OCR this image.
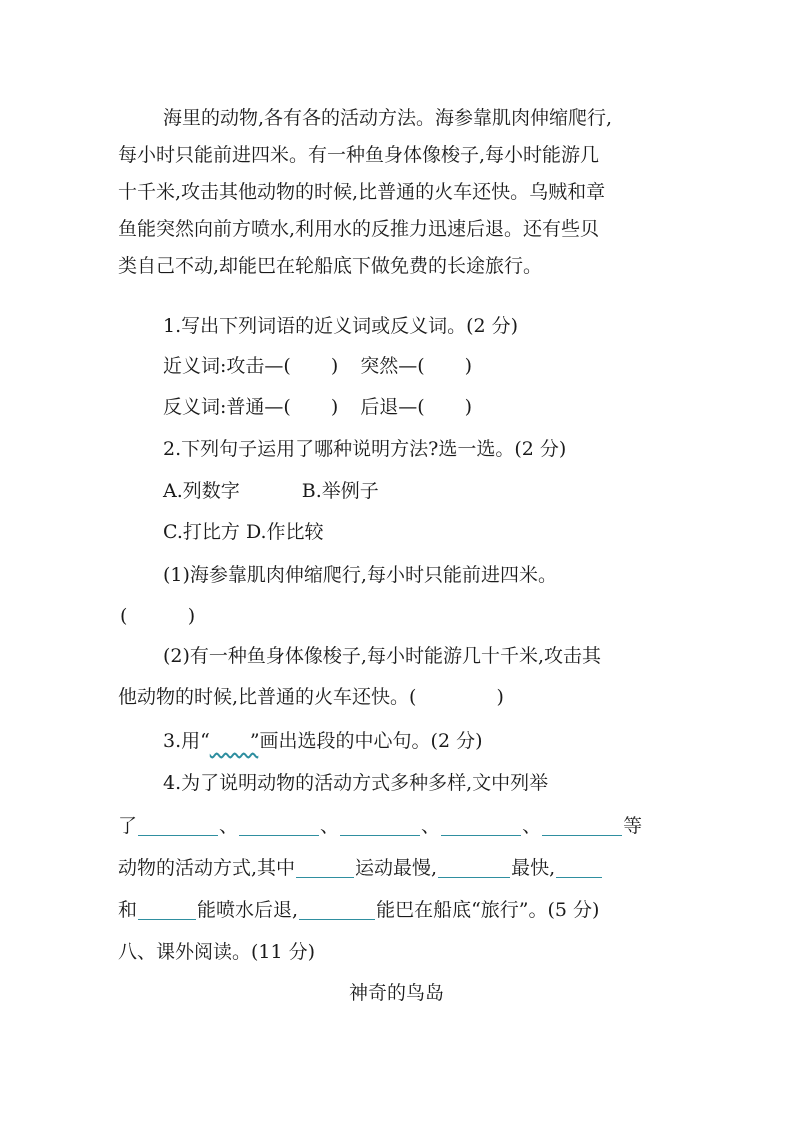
海里的动物,各有各的活动方法。海参靠肌肉伸缩爬行,
每小时只能前进四米。有一种鱼身体像梭子,每小时能游几
十千米,攻击其他动物的时候,比普通的火车还快。乌贼和章
鱼能突然向前方喷水,利用水的反推力迅速后退。还有些贝
类自己不动,却能巴在轮船底下做免费的长途旅行。
1.写出下列词语的近义词或反义词。(2 分)
近义词:攻击—( ) 突然—( )
反义词:普通—( ) 后退—( )
2.下列句子运用了哪种说明方法?选一选。(2 分)
A.列数字	B.举例子
C.打比方 D.作比较
(1)海参靠肌肉伸缩爬行,每小时只能前进四米。
(          )
(2)有一种鱼身体像梭子,每小时能游几十千米,攻击其
他动物的时候,比普通的火车还快。(	)
3.用“ ”画出选段的中心句。(2 分)
4.为了说明动物的活动方式多种多样,文中列举
了	、	、	、	、	等
动物的活动方式,其中	运动最慢,	最快,
和	能喷水后退,	能巴在船底“旅行”。(5 分)
八、课外阅读。(11 分)
神奇的鸟岛
